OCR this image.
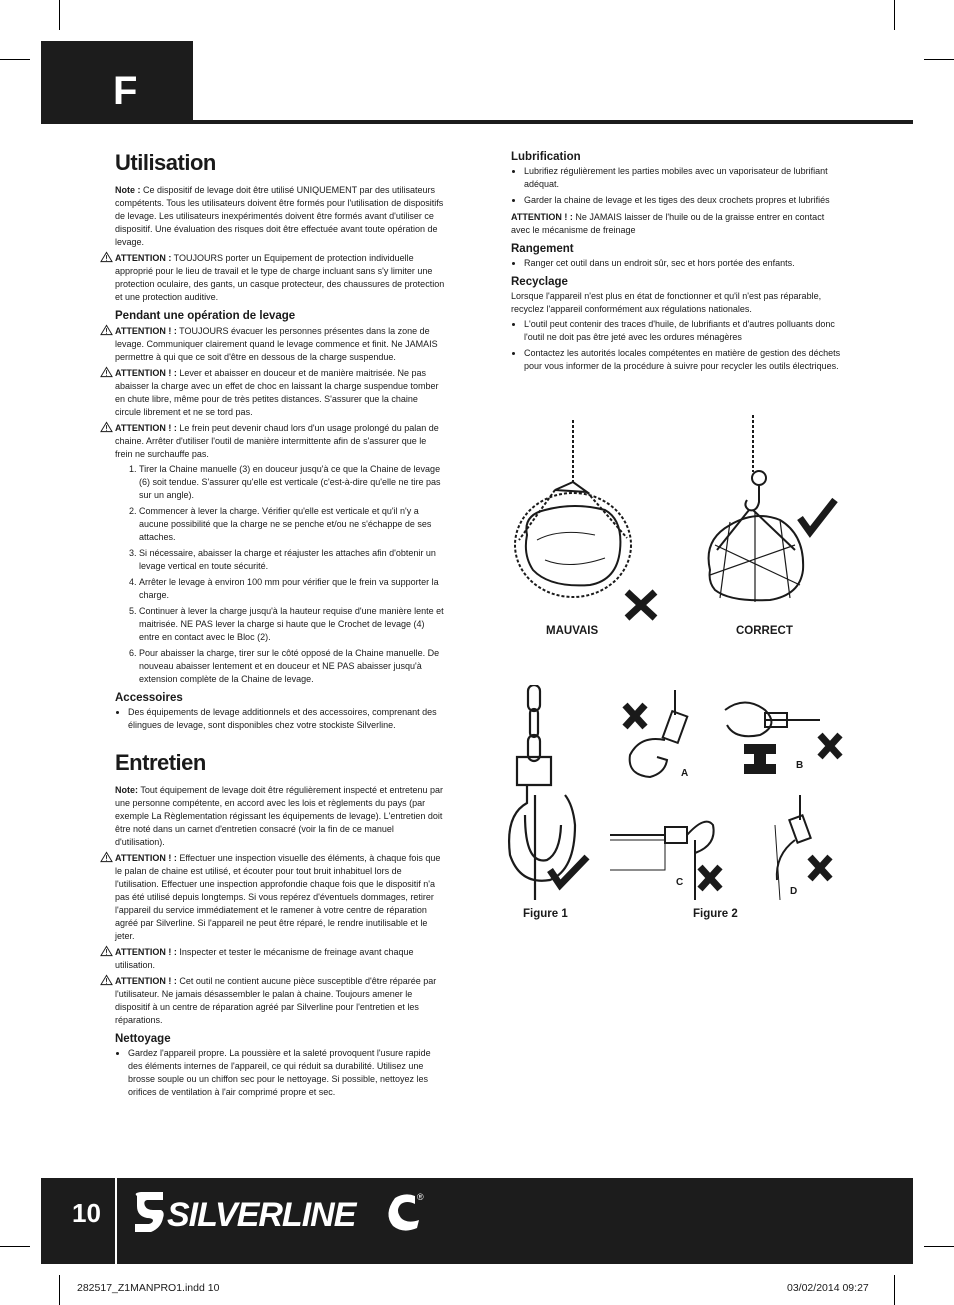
F
Utilisation

Note : Ce dispositif de levage doit être utilisé UNIQUEMENT par des utilisateurs compétents. Tous les utilisateurs doivent être formés pour l'utilisation de dispositifs de levage. Les utilisateurs inexpérimentés doivent être formés avant d'utiliser ce dispositif. Une évaluation des risques doit être effectuée avant toute opération de levage.

ATTENTION : TOUJOURS porter un Equipement de protection individuelle approprié pour le lieu de travail et le type de charge incluant sans s'y limiter une protection oculaire, des gants, un casque protecteur, des chaussures de protection et une protection auditive.

Pendant une opération de levage

ATTENTION ! : TOUJOURS évacuer les personnes présentes dans la zone de levage. Communiquer clairement quand le levage commence et finit. Ne JAMAIS permettre à qui que ce soit d'être en dessous de la charge suspendue.

ATTENTION ! : Lever et abaisser en douceur et de manière maitrisée. Ne pas abaisser la charge avec un effet de choc en laissant la charge suspendue tomber en chute libre, même pour de très petites distances. S'assurer que la chaine circule librement et ne se tord pas.

ATTENTION ! : Le frein peut devenir chaud lors d'un usage prolongé du palan de chaine. Arrêter d'utiliser l'outil de manière intermittente afin de s'assurer que le frein ne surchauffe pas.

1. Tirer la Chaine manuelle (3) en douceur jusqu'à ce que la Chaine de levage (6) soit tendue. S'assurer qu'elle est verticale (c'est-à-dire qu'elle ne tire pas sur un angle).
2. Commencer à lever la charge. Vérifier qu'elle est verticale et qu'il n'y a aucune possibilité que la charge ne se penche et/ou ne s'échappe de ses attaches.
3. Si nécessaire, abaisser la charge et réajuster les attaches afin d'obtenir un levage vertical en toute sécurité.
4. Arrêter le levage à environ 100 mm pour vérifier que le frein va supporter la charge.
5. Continuer à lever la charge jusqu'à la hauteur requise d'une manière lente et maitrisée. NE PAS lever la charge si haute que le Crochet de levage (4) entre en contact avec le Bloc (2).
6. Pour abaisser la charge, tirer sur le côté opposé de la Chaine manuelle. De nouveau abaisser lentement et en douceur et NE PAS abaisser jusqu'à extension complète de la Chaine de levage.
Accessoires
• Des équipements de levage additionnels et des accessoires, comprenant des élingues de levage, sont disponibles chez votre stockiste Silverline.
Entretien

Note: Tout équipement de levage doit être régulièrement inspecté et entretenu par une personne compétente, en accord avec les lois et règlements du pays (par exemple La Règlementation régissant les équipements de levage). L'entretien doit être noté dans un carnet d'entretien consacré (voir la fin de ce manuel d'utilisation).

ATTENTION ! : Effectuer une inspection visuelle des éléments, à chaque fois que le palan de chaine est utilisé, et écouter pour tout bruit inhabituel lors de l'utilisation. Effectuer une inspection approfondie chaque fois que le dispositif n'a pas été utilisé depuis longtemps. Si vous repérez d'éventuels dommages, retirer l'appareil du service immédiatement et le ramener à votre centre de réparation agréé par Silverline. Si l'appareil ne peut être réparé, le rendre inutilisable et le jeter.

ATTENTION ! : Inspecter et tester le mécanisme de freinage avant chaque utilisation.

ATTENTION ! : Cet outil ne contient aucune pièce susceptible d'être réparée par l'utilisateur. Ne jamais désassembler le palan à chaine. Toujours amener le dispositif à un centre de réparation agréé par Silverline pour l'entretien et les réparations.

Nettoyage
• Gardez l'appareil propre. La poussière et la saleté provoquent l'usure rapide des éléments internes de l'appareil, ce qui réduit sa durabilité. Utilisez une brosse souple ou un chiffon sec pour le nettoyage. Si possible, nettoyez les orifices de ventilation à l'air comprimé propre et sec.
Lubrification
• Lubrifiez régulièrement les parties mobiles avec un vaporisateur de lubrifiant adéquat.
• Garder la chaine de levage et les tiges des deux crochets propres et lubrifiés

ATTENTION ! : Ne JAMAIS laisser de l'huile ou de la graisse entrer en contact avec le mécanisme de freinage

Rangement
• Ranger cet outil dans un endroit sûr, sec et hors portée des enfants.
Recyclage

Lorsque l'appareil n'est plus en état de fonctionner et qu'il n'est pas réparable, recyclez l'appareil conformément aux régulations nationales.

• L'outil peut contenir des traces d'huile, de lubrifiants et d'autres polluants donc l'outil ne doit pas être jeté avec les ordures ménagères
• Contactez les autorités locales compétentes en matière de gestion des déchets pour vous informer de la procédure à suivre pour recycler les outils électriques.
MAUVAIS	CORRECT
Figure 1
A
B
C
D
Figure 2
10 SILVERLINE	®
282517_Z1MANPRO1.indd 10	03/02/2014 09:27
